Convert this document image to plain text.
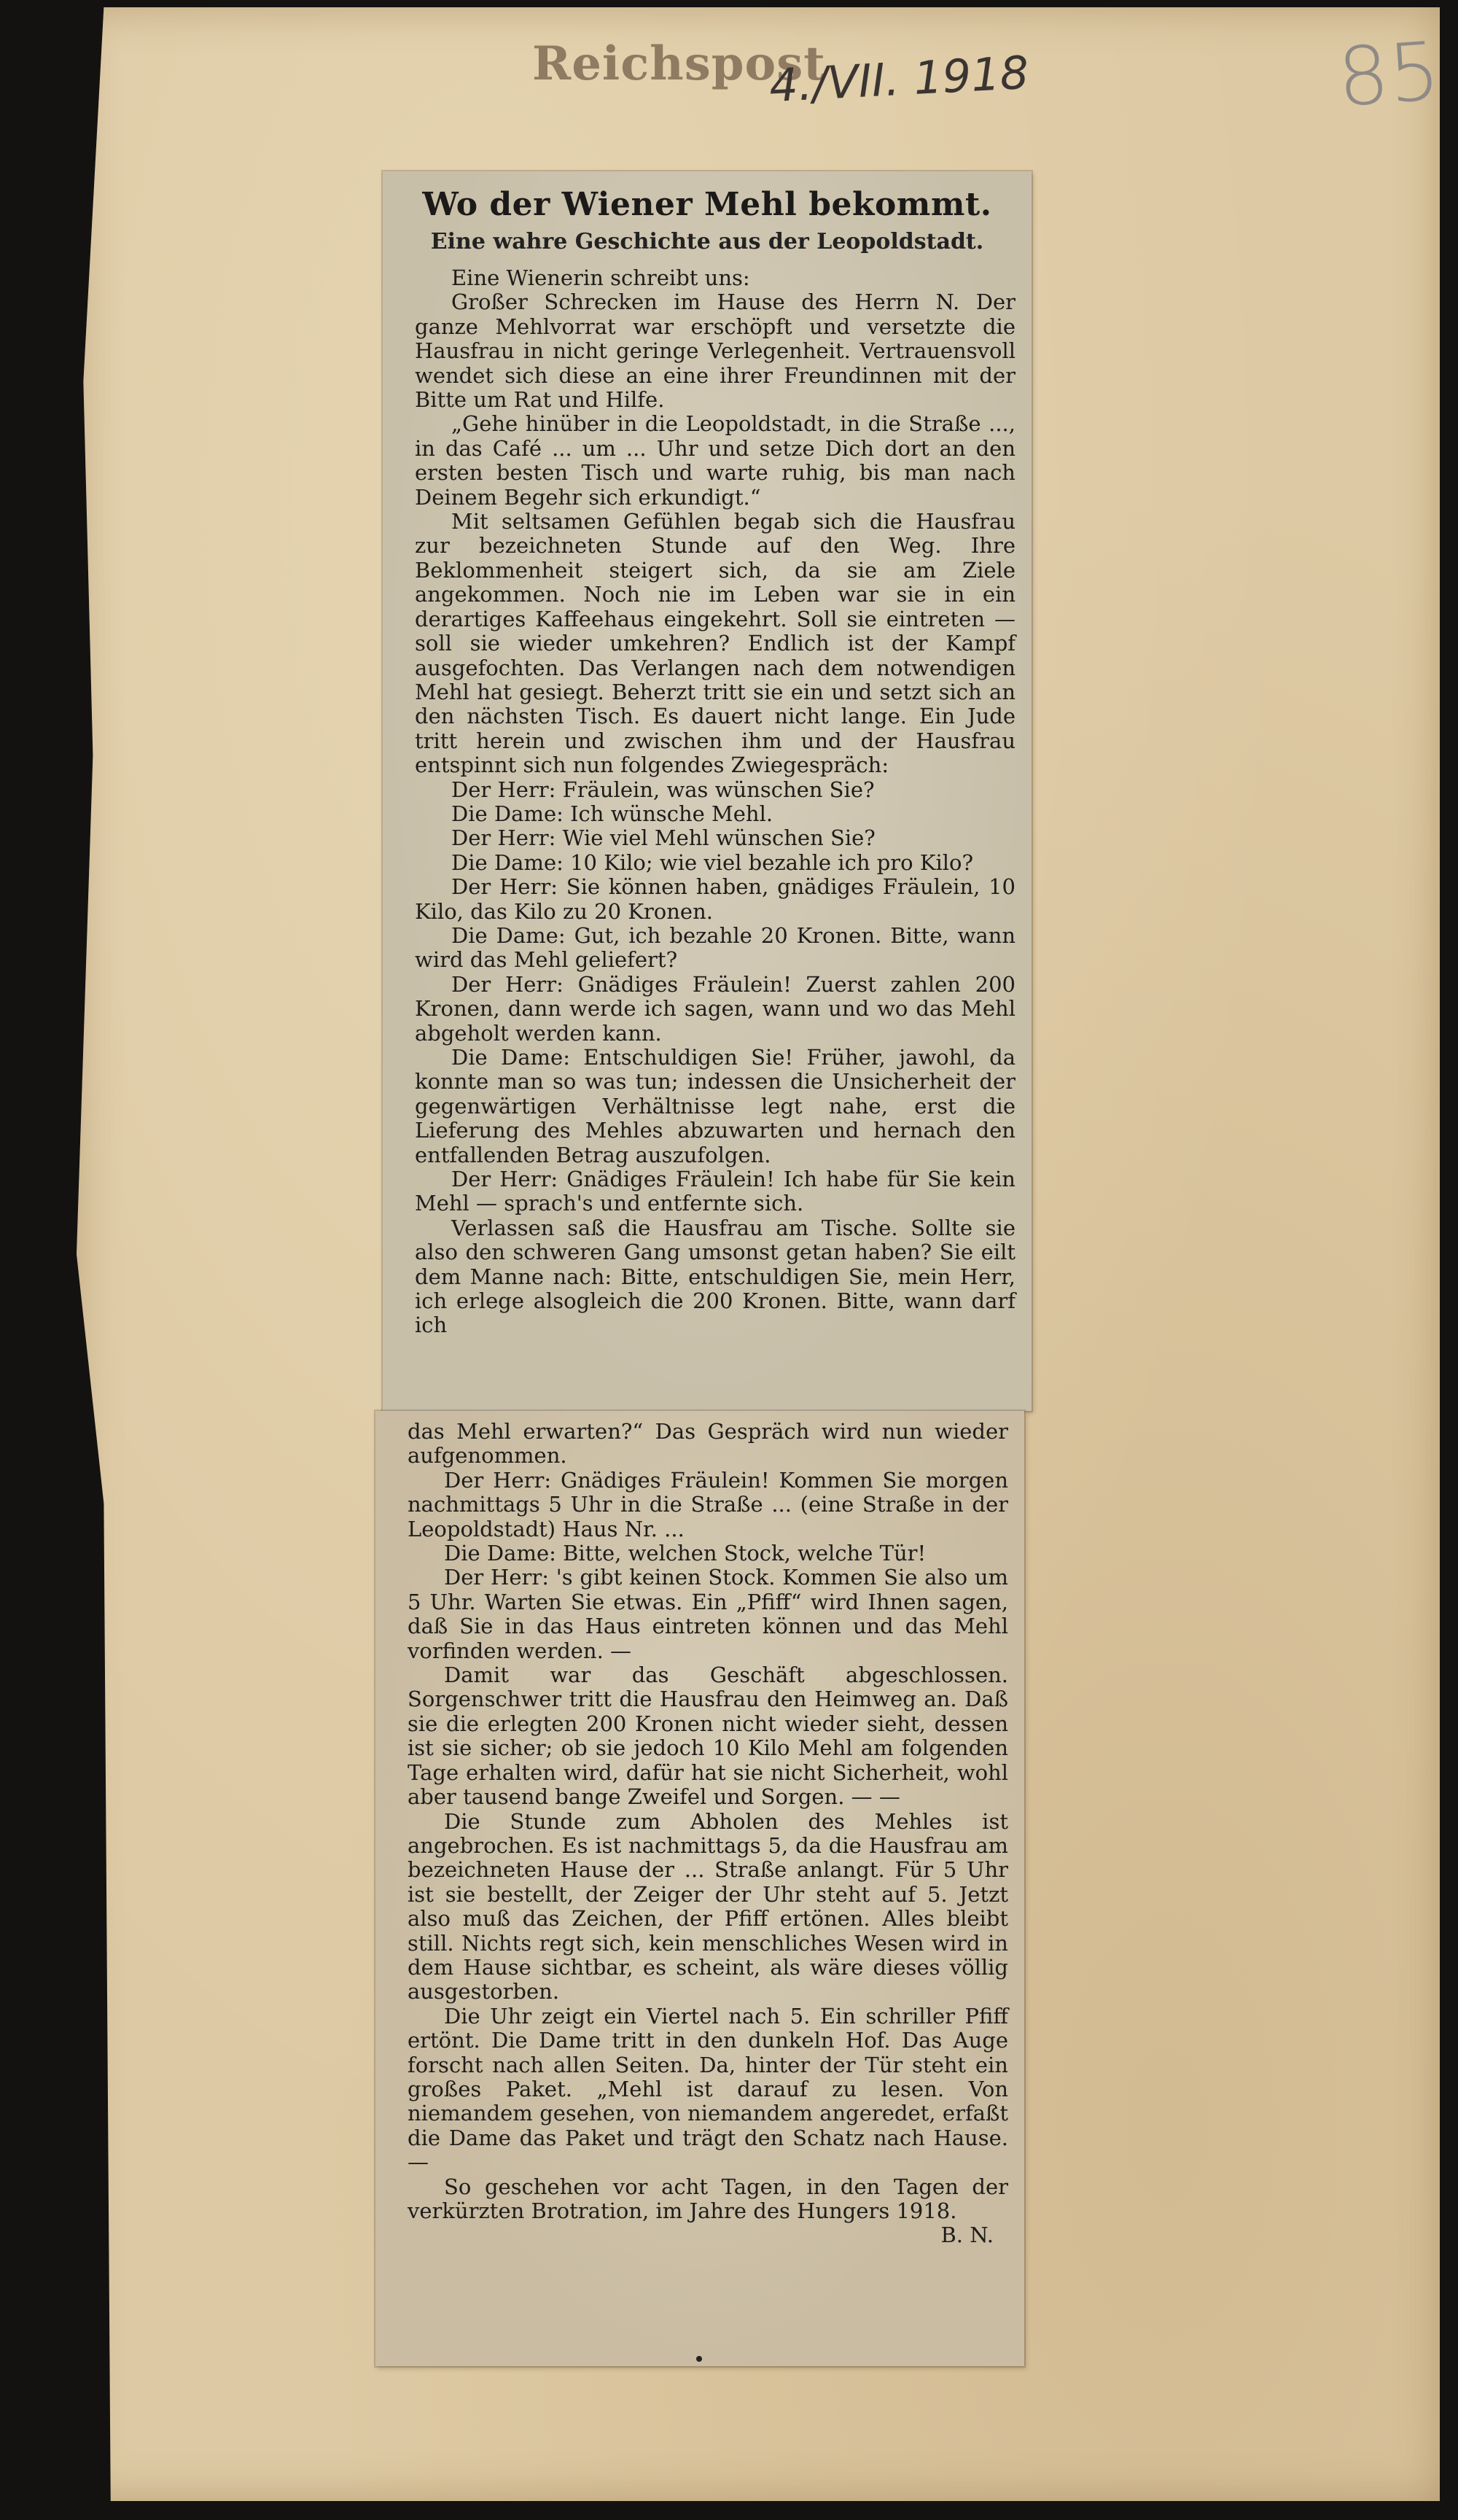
Reichspost
4./VII. 1918	85
Wo der Wiener Mehl bekommt.
Eine wahre Geschichte aus der Leopoldstadt.

Eine Wienerin schreibt uns:

Großer Schrecken im Hause des Herrn N. Der ganze Mehlvorrat war erschöpft und versetzte die Hausfrau in nicht geringe Verlegenheit. Vertrauensvoll wendet sich diese an eine ihrer Freundinnen mit der Bitte um Rat und Hilfe.

„Gehe hinüber in die Leopoldstadt, in die Straße ..., in das Café ... um ... Uhr und setze Dich dort an den ersten besten Tisch und warte ruhig, bis man nach Deinem Begehr sich erkundigt.“

Mit seltsamen Gefühlen begab sich die Hausfrau zur bezeichneten Stunde auf den Weg. Ihre Beklommenheit steigert sich, da sie am Ziele angekommen. Noch nie im Leben war sie in ein derartiges Kaffeehaus eingekehrt. Soll sie eintreten — soll sie wieder umkehren? Endlich ist der Kampf ausgefochten. Das Verlangen nach dem notwendigen Mehl hat gesiegt. Beherzt tritt sie ein und setzt sich an den nächsten Tisch. Es dauert nicht lange. Ein Jude tritt herein und zwischen ihm und der Hausfrau entspinnt sich nun folgendes Zwiegespräch:

Der Herr: Fräulein, was wünschen Sie?

Die Dame: Ich wünsche Mehl.

Der Herr: Wie viel Mehl wünschen Sie?

Die Dame: 10 Kilo; wie viel bezahle ich pro Kilo?

Der Herr: Sie können haben, gnädiges Fräulein, 10 Kilo, das Kilo zu 20 Kronen.

Die Dame: Gut, ich bezahle 20 Kronen. Bitte, wann wird das Mehl geliefert?

Der Herr: Gnädiges Fräulein! Zuerst zahlen 200 Kronen, dann werde ich sagen, wann und wo das Mehl abgeholt werden kann.

Die Dame: Entschuldigen Sie! Früher, jawohl, da konnte man so was tun; indessen die Unsicherheit der gegenwärtigen Verhältnisse legt nahe, erst die Lieferung des Mehles abzuwarten und hernach den entfallenden Betrag auszufolgen.

Der Herr: Gnädiges Fräulein! Ich habe für Sie kein Mehl — sprach's und entfernte sich.

Verlassen saß die Hausfrau am Tische. Sollte sie also den schweren Gang umsonst getan haben? Sie eilt dem Manne nach: Bitte, entschuldigen Sie, mein Herr, ich erlege alsogleich die 200 Kronen. Bitte, wann darf ich

das Mehl erwarten?“ Das Gespräch wird nun wieder aufgenommen.

Der Herr: Gnädiges Fräulein! Kommen Sie morgen nachmittags 5 Uhr in die Straße ... (eine Straße in der Leopoldstadt) Haus Nr. ...

Die Dame: Bitte, welchen Stock, welche Tür!

Der Herr: 's gibt keinen Stock. Kommen Sie also um 5 Uhr. Warten Sie etwas. Ein „Pfiff“ wird Ihnen sagen, daß Sie in das Haus eintreten können und das Mehl vorfinden werden. —

Damit war das Geschäft abgeschlossen. Sorgenschwer tritt die Hausfrau den Heimweg an. Daß sie die erlegten 200 Kronen nicht wieder sieht, dessen ist sie sicher; ob sie jedoch 10 Kilo Mehl am folgenden Tage erhalten wird, dafür hat sie nicht Sicherheit, wohl aber tausend bange Zweifel und Sorgen. — —

Die Stunde zum Abholen des Mehles ist angebrochen. Es ist nachmittags 5, da die Hausfrau am bezeichneten Hause der ... Straße anlangt. Für 5 Uhr ist sie bestellt, der Zeiger der Uhr steht auf 5. Jetzt also muß das Zeichen, der Pfiff ertönen. Alles bleibt still. Nichts regt sich, kein menschliches Wesen wird in dem Hause sichtbar, es scheint, als wäre dieses völlig ausgestorben.

Die Uhr zeigt ein Viertel nach 5. Ein schriller Pfiff ertönt. Die Dame tritt in den dunkeln Hof. Das Auge forscht nach allen Seiten. Da, hinter der Tür steht ein großes Paket. „Mehl ist darauf zu lesen. Von niemandem gesehen, von niemandem angeredet, erfaßt die Dame das Paket und trägt den Schatz nach Hause. —

So geschehen vor acht Tagen, in den Tagen der verkürzten Brotration, im Jahre des Hungers 1918.

B. N.
